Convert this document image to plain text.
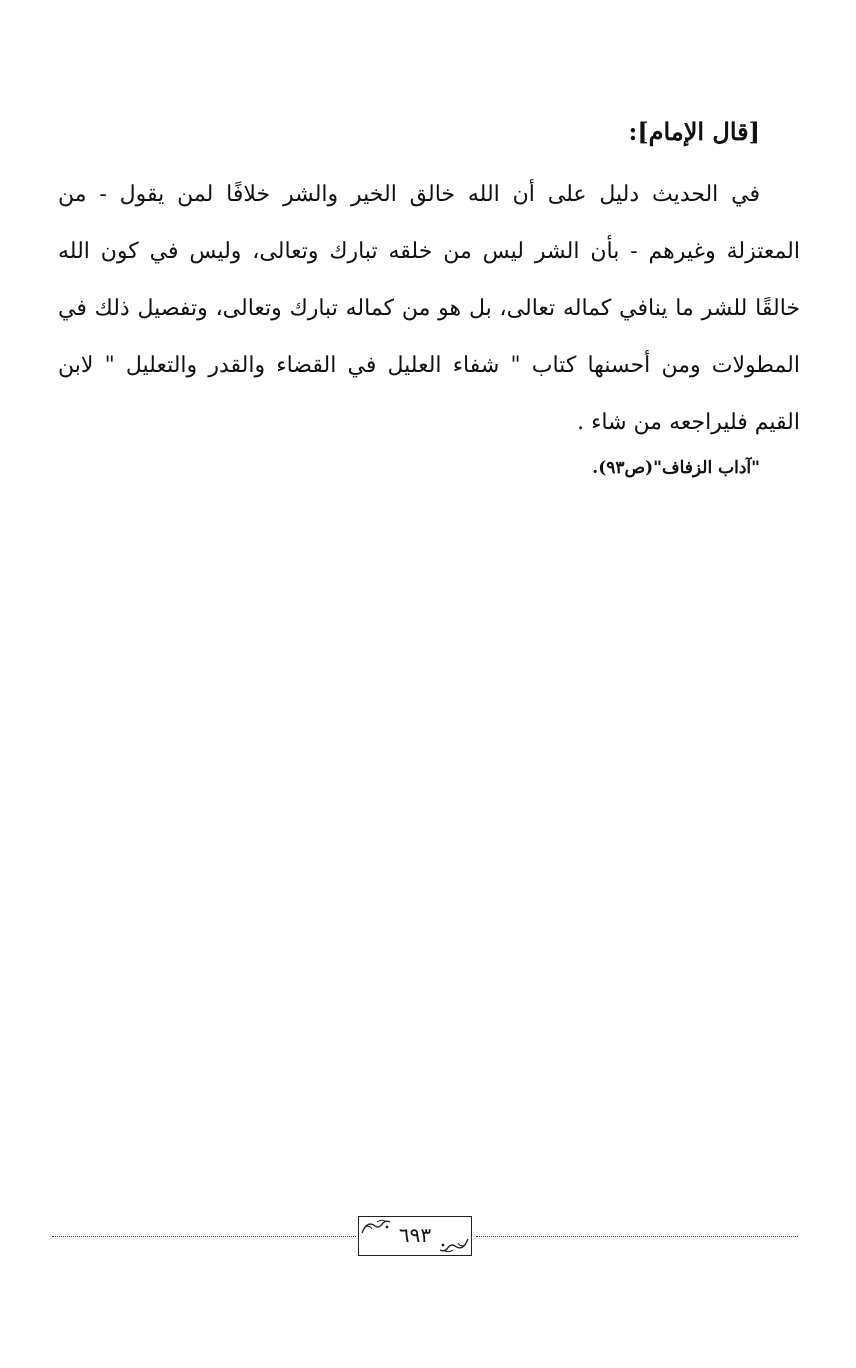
[قال الإمام]:

في الحديث دليل على أن الله خالق الخير والشر خلافًا لمن يقول - من المعتزلة وغيرهم - بأن الشر ليس من خلقه تبارك وتعالى، وليس في كون الله خالقًا للشر ما ينافي كماله تعالى، بل هو من كماله تبارك وتعالى، وتفصيل ذلك في المطولات ومن أحسنها كتاب " شفاء العليل في القضاء والقدر والتعليل " لابن القيم فليراجعه من شاء .

"آداب الزفاف"(ص٩٣).
٦٩٣
